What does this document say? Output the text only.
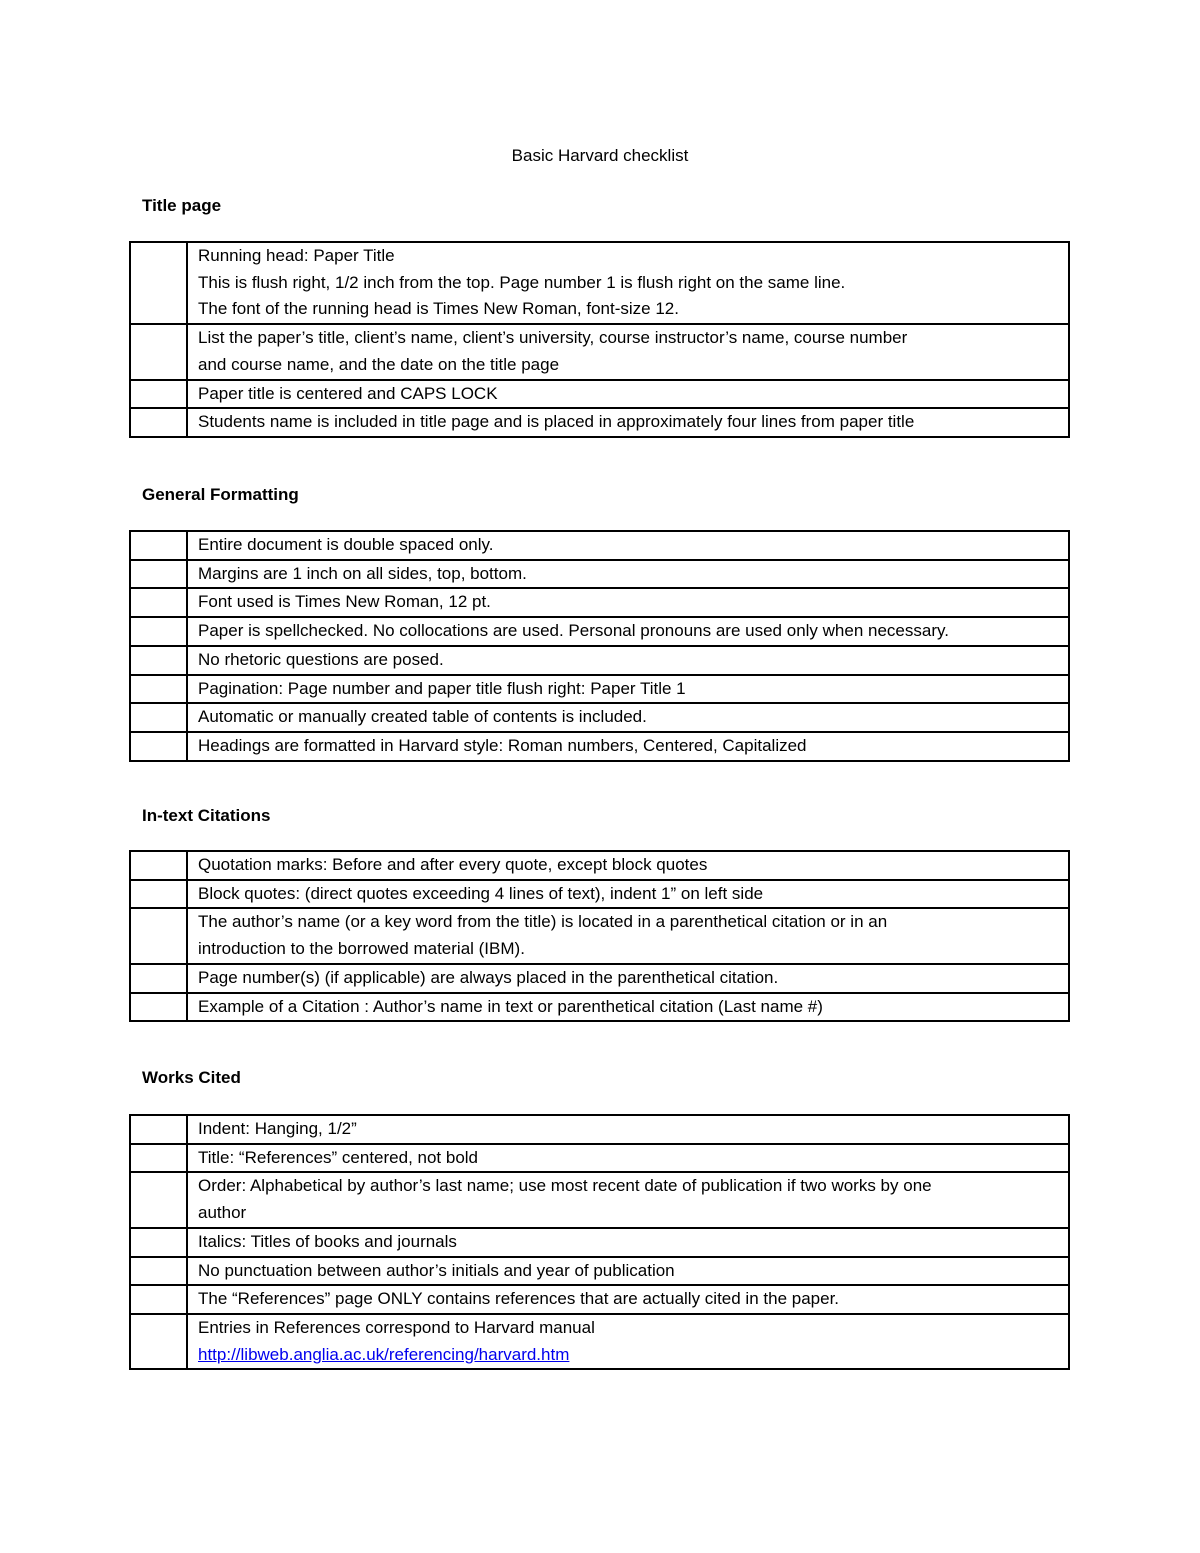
Basic Harvard checklist
Title page

	Running head: Paper Title
This is flush right, 1/2 inch from the top. Page number 1 is flush right on the same line.
The font of the running head is Times New Roman, font-size 12.

	List the paper’s title, client’s name, client’s university, course instructor’s name, course number
and course name, and the date on the title page

	Paper title is centered and CAPS LOCK

	Students name is included in title page and is placed in approximately four lines from paper title
General Formatting

	Entire document is double spaced only.

	Margins are 1 inch on all sides, top, bottom.

	Font used is Times New Roman, 12 pt.

	Paper is spellchecked. No collocations are used. Personal pronouns are used only when necessary.

	No rhetoric questions are posed.

	Pagination: Page number and paper title flush right: Paper Title 1

	Automatic or manually created table of contents is included.

	Headings are formatted in Harvard style: Roman numbers, Centered, Capitalized
In-text Citations

	Quotation marks: Before and after every quote, except block quotes

	Block quotes: (direct quotes exceeding 4 lines of text), indent 1” on left side

	The author’s name (or a key word from the title) is located in a parenthetical citation or in an
introduction to the borrowed material (IBM).

	Page number(s) (if applicable) are always placed in the parenthetical citation.

	Example of a Citation : Author’s name in text or parenthetical citation (Last name #)
Works Cited

	Indent: Hanging, 1/2”

	Title: “References” centered, not bold

	Order: Alphabetical by author’s last name; use most recent date of publication if two works by one
author

	Italics: Titles of books and journals

	No punctuation between author’s initials and year of publication

	The “References” page ONLY contains references that are actually cited in the paper.

	Entries in References correspond to Harvard manual
http://libweb.anglia.ac.uk/referencing/harvard.htm
